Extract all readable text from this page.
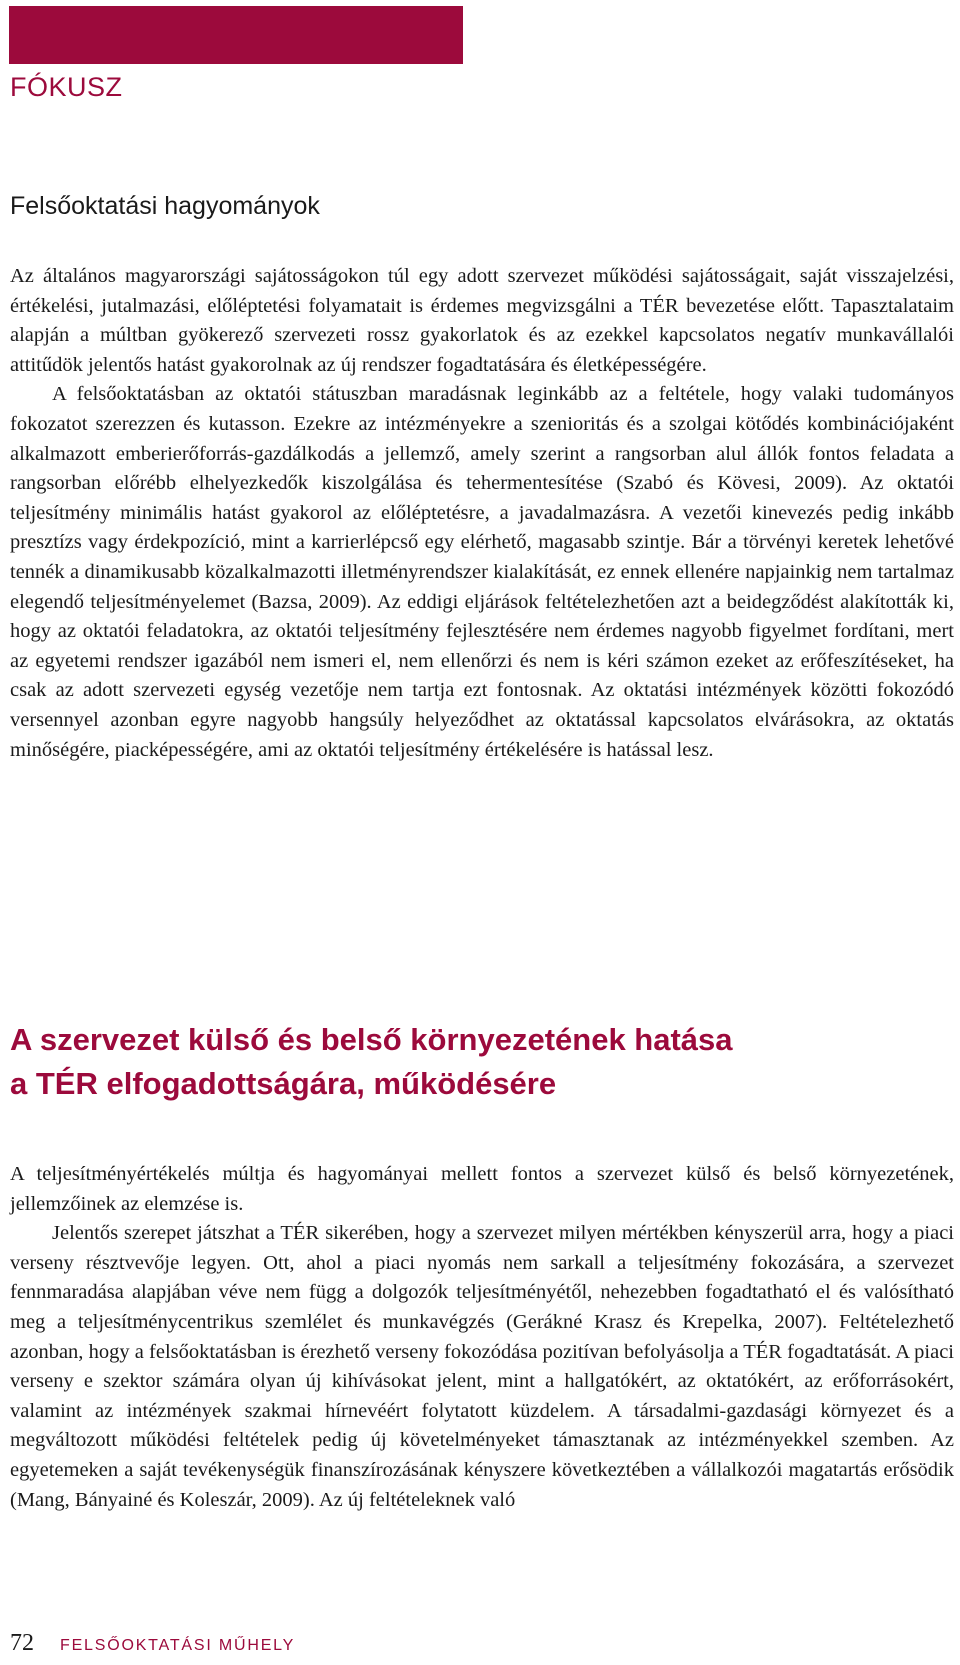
FÓKUSZ
Felsőoktatási hagyományok

Az általános magyarországi sajátosságokon túl egy adott szervezet működési sajátosságait, saját visszajelzési, értékelési, jutalmazási, előléptetési folyamatait is érdemes megvizsgálni a TÉR bevezetése előtt. Tapasztalataim alapján a múltban gyökerező szervezeti rossz gyakorlatok és az ezekkel kapcsolatos negatív munkavállalói attitűdök jelentős hatást gyakorolnak az új rendszer fogadtatására és életképességére.

A felsőoktatásban az oktatói státuszban maradásnak leginkább az a feltétele, hogy valaki tudományos fokozatot szerezzen és kutasson. Ezekre az intézményekre a szenioritás és a szolgai kötődés kombinációjaként alkalmazott emberierőforrás-gazdálkodás a jellemző, amely szerint a rangsorban alul állók fontos feladata a rangsorban előrébb elhelyezkedők kiszolgálása és tehermentesítése (Szabó és Kövesi, 2009). Az oktatói teljesítmény minimális hatást gyakorol az előléptetésre, a javadalmazásra. A vezetői kinevezés pedig inkább presztízs vagy érdekpozíció, mint a karrierlépcső egy elérhető, magasabb szintje. Bár a törvényi keretek lehetővé tennék a dinamikusabb közalkalmazotti illetményrendszer kialakítását, ez ennek ellenére napjainkig nem tartalmaz elegendő teljesítményelemet (Bazsa, 2009). Az eddigi eljárások feltételezhetően azt a beidegződést alakították ki, hogy az oktatói feladatokra, az oktatói teljesítmény fejlesztésére nem érdemes nagyobb figyelmet fordítani, mert az egyetemi rendszer igazából nem ismeri el, nem ellenőrzi és nem is kéri számon ezeket az erőfeszítéseket, ha csak az adott szervezeti egység vezetője nem tartja ezt fontosnak. Az oktatási intézmények közötti fokozódó versennyel azonban egyre nagyobb hangsúly helyeződhet az oktatással kapcsolatos elvárásokra, az oktatás minőségére, piacképességére, ami az oktatói teljesítmény értékelésére is hatással lesz.

A szervezet külső és belső környezetének hatása
a TÉR elfogadottságára, működésére

A teljesítményértékelés múltja és hagyományai mellett fontos a szervezet külső és belső környezetének, jellemzőinek az elemzése is.

Jelentős szerepet játszhat a TÉR sikerében, hogy a szervezet milyen mértékben kényszerül arra, hogy a piaci verseny résztvevője legyen. Ott, ahol a piaci nyomás nem sarkall a teljesítmény fokozására, a szervezet fennmaradása alapjában véve nem függ a dolgozók teljesítményétől, nehezebben fogadtatható el és valósítható meg a teljesítménycentrikus szemlélet és munkavégzés (Gerákné Krasz és Krepelka, 2007). Feltételezhető azonban, hogy a felsőoktatásban is érezhető verseny fokozódása pozitívan befolyásolja a TÉR fogadtatását. A piaci verseny e szektor számára olyan új kihívásokat jelent, mint a hallgatókért, az oktatókért, az erőforrásokért, valamint az intézmények szakmai hírnevéért folytatott küzdelem. A társadalmi-gazdasági környezet és a megváltozott működési feltételek pedig új követelményeket támasztanak az intézményekkel szemben. Az egyetemeken a saját tevékenységük finanszírozásának kényszere következtében a vállalkozói magatartás erősödik (Mang, Bányainé és Koleszár, 2009). Az új feltételeknek való

72 FELSŐOKTATÁSI MŰHELY
